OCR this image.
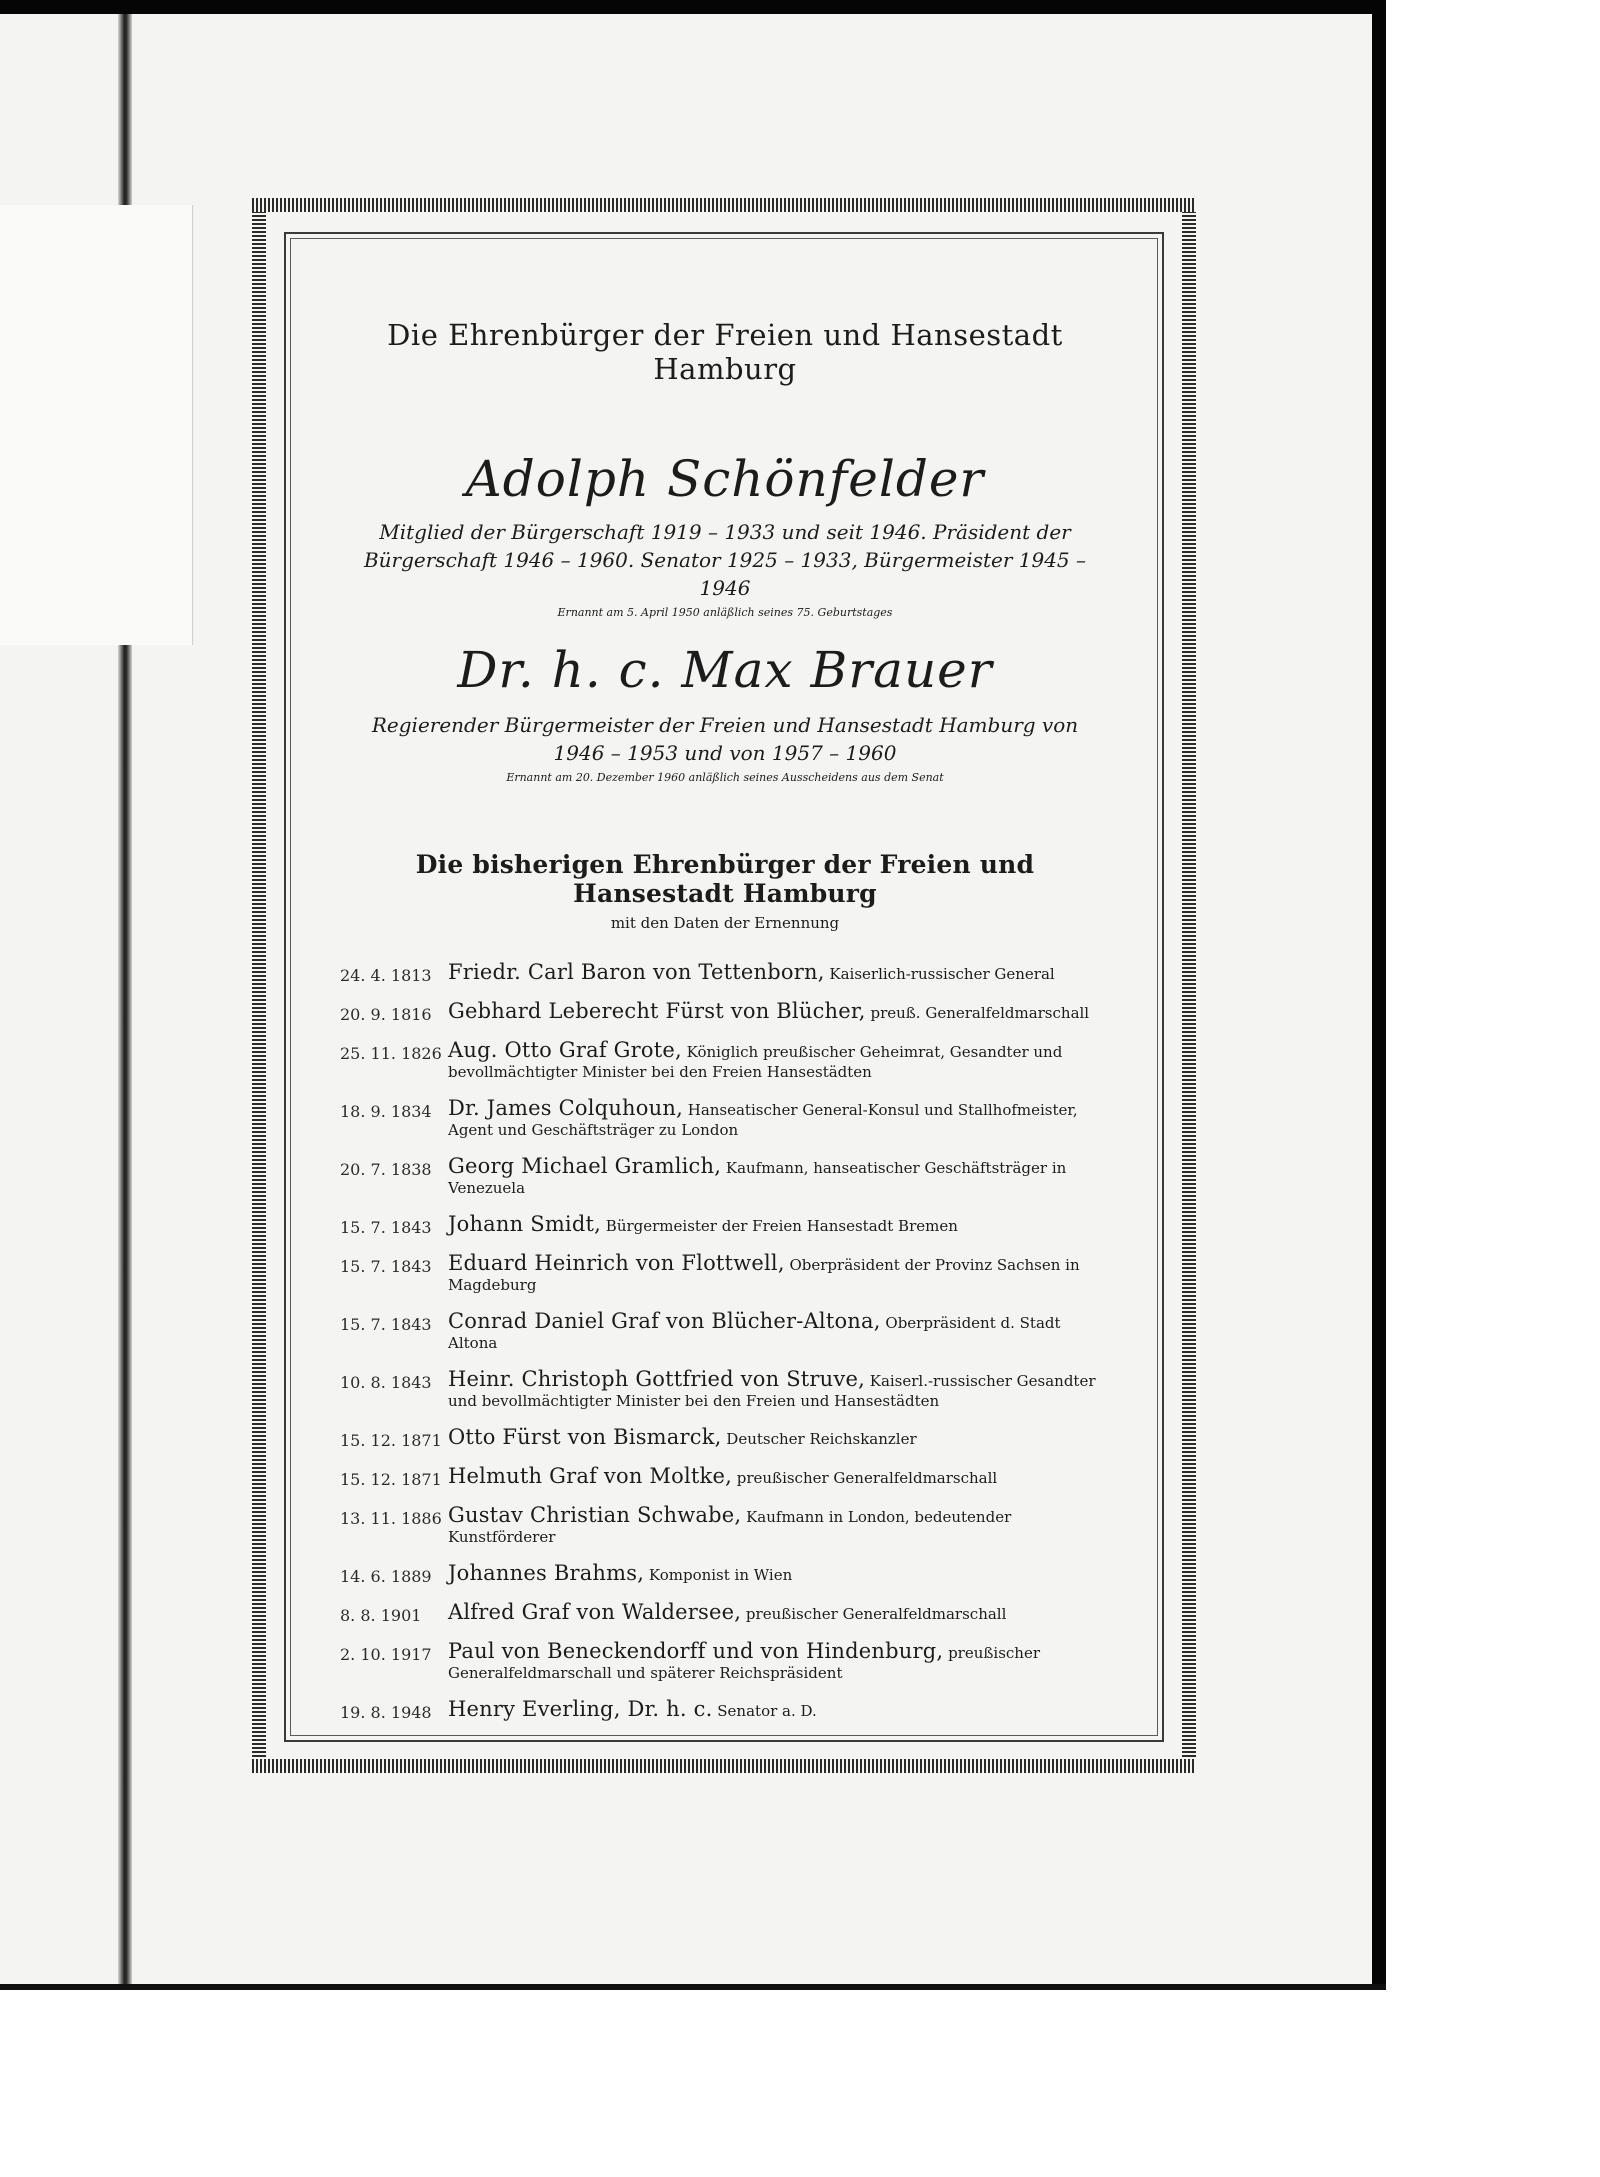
Die Ehrenbürger der Freien und Hansestadt Hamburg
Adolph Schönfelder

Mitglied der Bürgerschaft 1919 – 1933 und seit 1946. Präsident der Bürgerschaft 1946 – 1960. Senator 1925 – 1933, Bürgermeister 1945 – 1946

Ernannt am 5. April 1950 anläßlich seines 75. Geburtstages

Dr. h. c. Max Brauer

Regierender Bürgermeister der Freien und Hansestadt Hamburg von 1946 – 1953 und von 1957 – 1960

Ernannt am 20. Dezember 1960 anläßlich seines Ausscheidens aus dem Senat

Die bisherigen Ehrenbürger der Freien und Hansestadt Hamburg

mit den Daten der Ernennung

24. 4. 1813 Friedr. Carl Baron von Tettenborn, Kaiserlich-russischer General
20. 9. 1816 Gebhard Leberecht Fürst von Blücher, preuß. Generalfeldmarschall
25. 11. 1826 Aug. Otto Graf Grote, Königlich preußischer Geheimrat, Gesandter und bevollmächtigter Minister bei den Freien Hansestädten
18. 9. 1834 Dr. James Colquhoun, Hanseatischer General-Konsul und Stallhofmeister, Agent und Geschäftsträger zu London
20. 7. 1838 Georg Michael Gramlich, Kaufmann, hanseatischer Geschäftsträger in Venezuela
15. 7. 1843 Johann Smidt, Bürgermeister der Freien Hansestadt Bremen
15. 7. 1843 Eduard Heinrich von Flottwell, Oberpräsident der Provinz Sachsen in Magdeburg
15. 7. 1843 Conrad Daniel Graf von Blücher-Altona, Oberpräsident d. Stadt Altona
10. 8. 1843 Heinr. Christoph Gottfried von Struve, Kaiserl.-russischer Gesandter und bevollmächtigter Minister bei den Freien und Hansestädten
15. 12. 1871 Otto Fürst von Bismarck, Deutscher Reichskanzler
15. 12. 1871 Helmuth Graf von Moltke, preußischer Generalfeldmarschall
13. 11. 1886 Gustav Christian Schwabe, Kaufmann in London, bedeutender Kunstförderer
14. 6. 1889 Johannes Brahms, Komponist in Wien
8. 8. 1901	Alfred Graf von Waldersee, preußischer Generalfeldmarschall
2. 10. 1917 Paul von Beneckendorff und von Hindenburg, preußischer Generalfeldmarschall und späterer Reichspräsident
19. 8. 1948 Henry Everling, Dr. h. c. Senator a. D.
